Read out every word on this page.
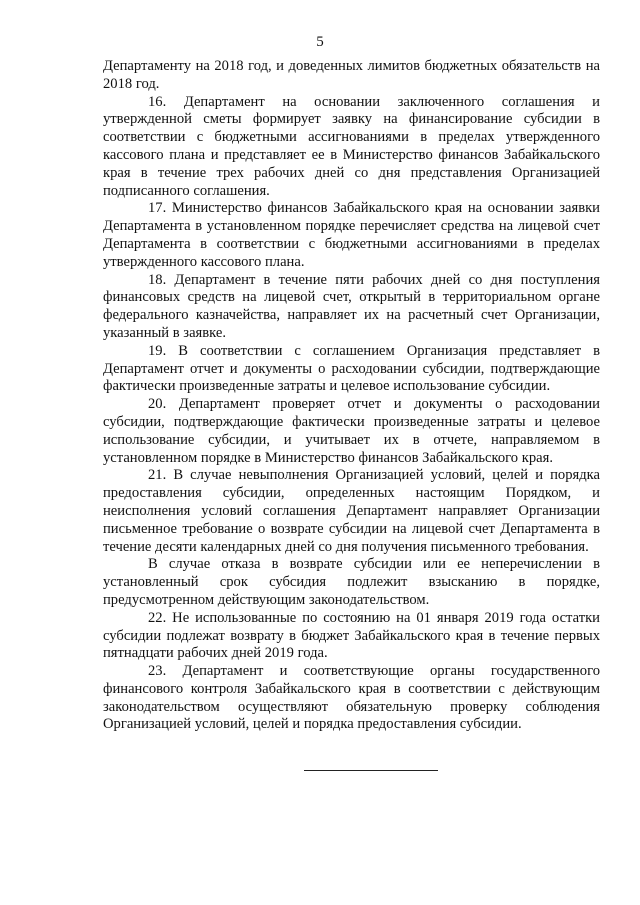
5

Департаменту на 2018 год, и доведенных лимитов бюджетных обязательств на 2018 год.

16. Департамент на основании заключенного соглашения и утвержденной сметы формирует заявку на финансирование субсидии в соответствии с бюджетными ассигнованиями в пределах утвержденного кассового плана и представляет ее в Министерство финансов Забайкальского края в течение трех рабочих дней со дня представления Организацией подписанного соглашения.

17. Министерство финансов Забайкальского края на основании заявки Департамента в установленном порядке перечисляет средства на лицевой счет Департамента в соответствии с бюджетными ассигнованиями в пределах утвержденного кассового плана.

18. Департамент в течение пяти рабочих дней со дня поступления финансовых средств на лицевой счет, открытый в территориальном органе федерального казначейства, направляет их на расчетный счет Организации, указанный в заявке.

19. В соответствии с соглашением Организация представляет в Департамент отчет и документы о расходовании субсидии, подтверждающие фактически произведенные затраты и целевое использование субсидии.

20. Департамент проверяет отчет и документы о расходовании субсидии, подтверждающие фактически произведенные затраты и целевое использование субсидии, и учитывает их в отчете, направляемом в установленном порядке в Министерство финансов Забайкальского края.

21. В случае невыполнения Организацией условий, целей и порядка предоставления субсидии, определенных настоящим Порядком, и неисполнения условий соглашения Департамент направляет Организации письменное требование о возврате субсидии на лицевой счет Департамента в течение десяти календарных дней со дня получения письменного требования.

В случае отказа в возврате субсидии или ее неперечислении в установленный срок субсидия подлежит взысканию в порядке, предусмотренном действующим законодательством.

22. Не использованные по состоянию на 01 января 2019 года остатки субсидии подлежат возврату в бюджет Забайкальского края в течение первых пятнадцати рабочих дней 2019 года.

23. Департамент и соответствующие органы государственного финансового контроля Забайкальского края в соответствии с действующим законодательством осуществляют обязательную проверку соблюдения Организацией условий, целей и порядка предоставления субсидии.
